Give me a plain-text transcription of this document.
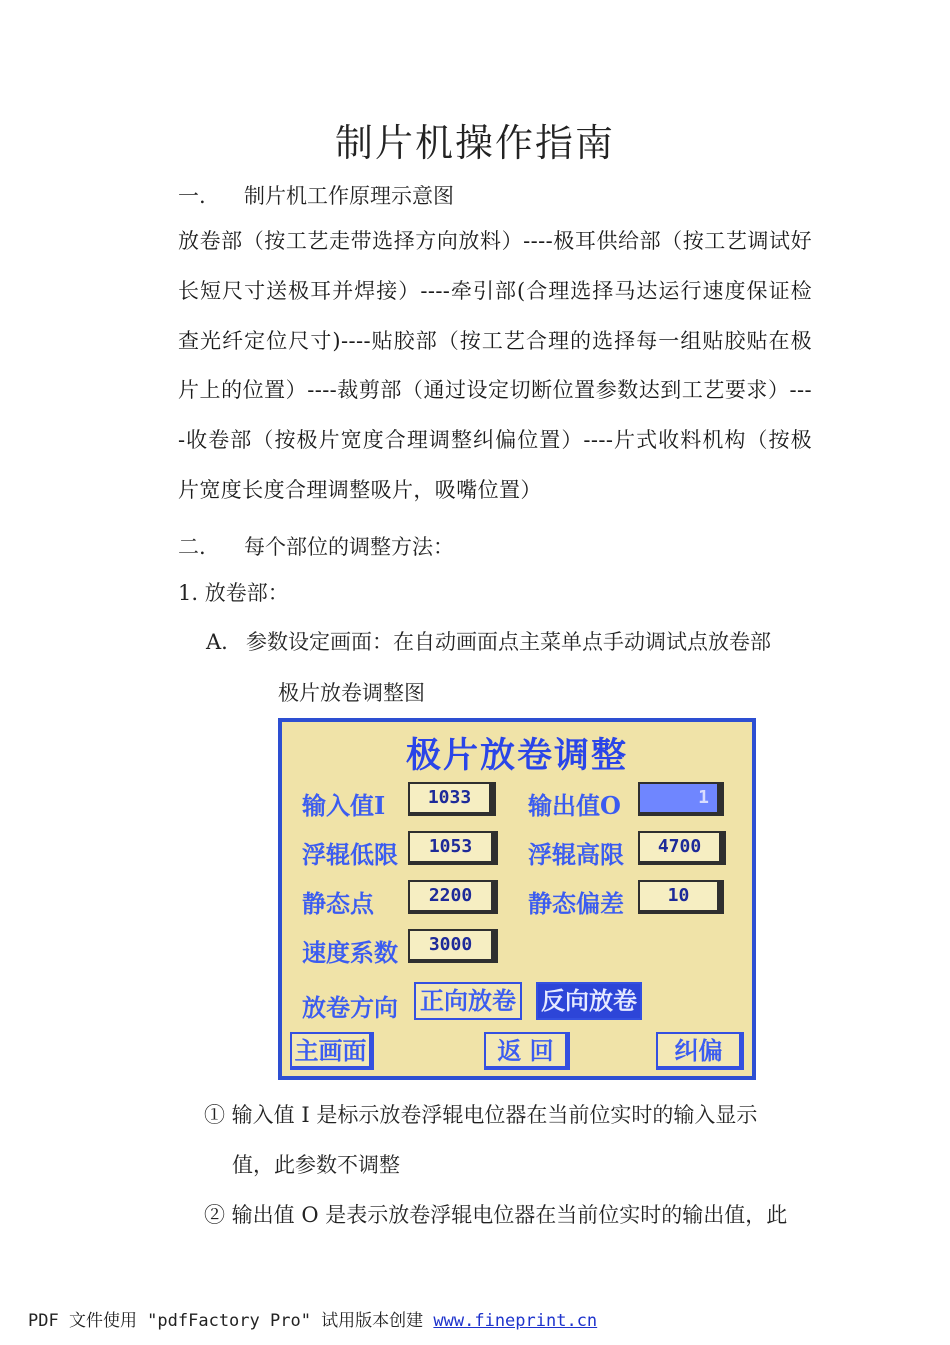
制片机操作指南
一. 制片机工作原理示意图
放卷部（按工艺走带选择方向放料）----极耳供给部（按工艺调试好长短尺寸送极耳并焊接）----牵引部(合理选择马达运行速度保证检查光纤定位尺寸)----贴胶部（按工艺合理的选择每一组贴胶贴在极片上的位置）----裁剪部（通过设定切断位置参数达到工艺要求）----收卷部（按极片宽度合理调整纠偏位置）----片式收料机构（按极片宽度长度合理调整吸片，吸嘴位置）
二. 每个部位的调整方法：
1. 放卷部：
A. 参数设定画面：在自动画面点主菜单点手动调试点放卷部
极片放卷调整图
极片放卷调整
输入值I	1033	输出值O	1
浮辊低限	1053	浮辊高限	4700
静态点	2200	静态偏差	10
速度系数	3000
放卷方向 正向放卷 反向放卷
主画面	返 回	纠偏
① 输入值 I 是标示放卷浮辊电位器在当前位实时的输入显示
值，此参数不调整
② 输出值 O 是表示放卷浮辊电位器在当前位实时的输出值，此
PDF 文件使用 "pdfFactory Pro" 试用版本创建 www.fineprint.cn
